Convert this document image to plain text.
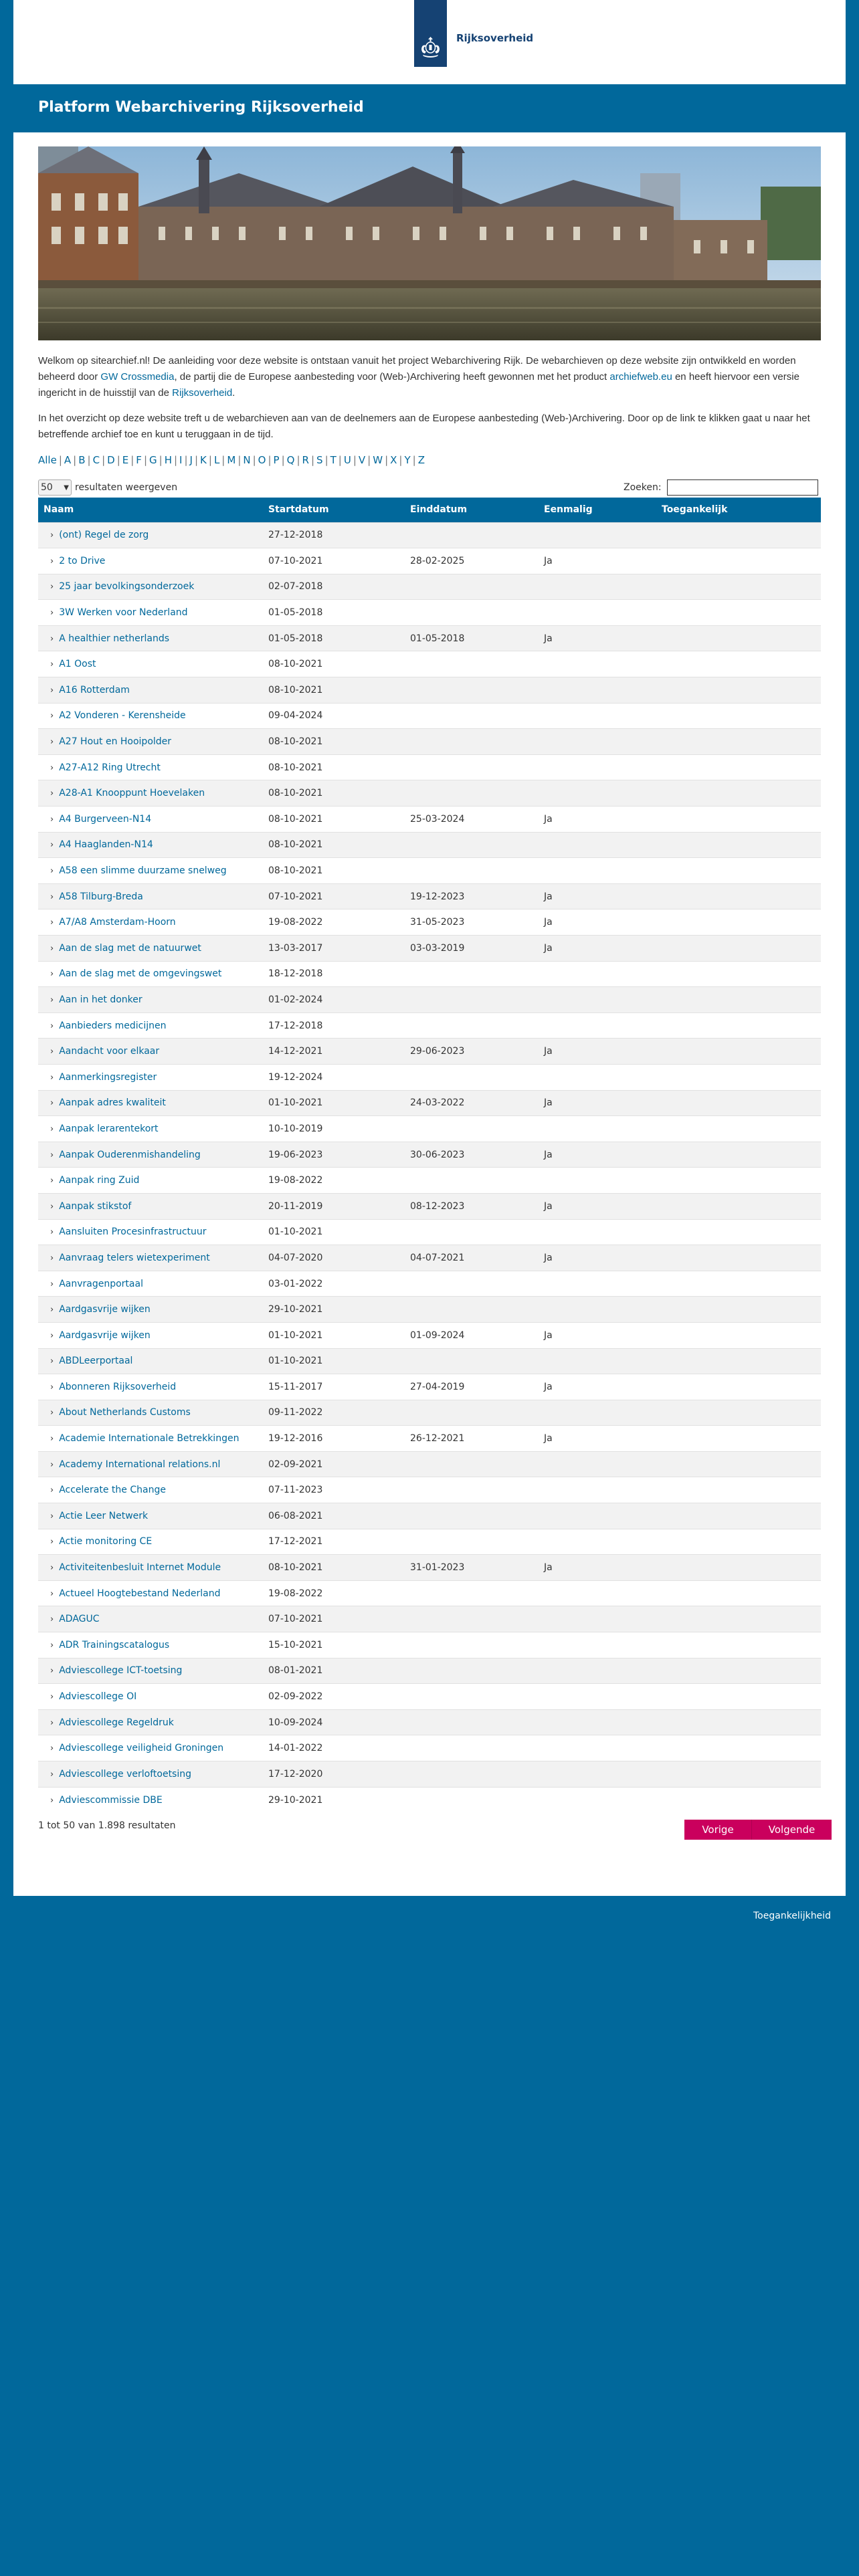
Rijksoverheid
Platform Webarchivering Rijksoverheid

Welkom op sitearchief.nl! De aanleiding voor deze website is ontstaan vanuit het project Webarchivering Rijk. De webarchieven op deze website zijn ontwikkeld en worden beheerd door GW Crossmedia, de partij die de Europese aanbesteding voor (Web-)Archivering heeft gewonnen met het product archiefweb.eu en heeft hiervoor een versie ingericht in de huisstijl van de Rijksoverheid.

In het overzicht op deze website treft u de webarchieven aan van de deelnemers aan de Europese aanbesteding (Web-)Archivering. Door op de link te klikken gaat u naar het betreffende archief toe en kunt u teruggaan in de tijd.

Alle | A | B | C | D | E | F | G | H | I | J | K | L | M | N | O | P | Q | R | S | T | U | V | W | X | Y | Z
50 ▼ resultaten weergeven	Zoeken:
Naam	Startdatum	Einddatum	Eenmalig	Toegankelijk
› (ont) Regel de zorg	27-12-2018			
› 2 to Drive	07-10-2021	28-02-2025	Ja	
› 25 jaar bevolkingsonderzoek	02-07-2018			
› 3W Werken voor Nederland	01-05-2018			
› A healthier netherlands	01-05-2018	01-05-2018	Ja	
› A1 Oost	08-10-2021			
› A16 Rotterdam	08-10-2021			
› A2 Vonderen - Kerensheide	09-04-2024			
› A27 Hout en Hooipolder	08-10-2021			
› A27-A12 Ring Utrecht	08-10-2021			
› A28-A1 Knooppunt Hoevelaken	08-10-2021			
› A4 Burgerveen-N14	08-10-2021	25-03-2024	Ja	
› A4 Haaglanden-N14	08-10-2021			
› A58 een slimme duurzame snelweg	08-10-2021			
› A58 Tilburg-Breda	07-10-2021	19-12-2023	Ja	
› A7/A8 Amsterdam-Hoorn	19-08-2022	31-05-2023	Ja	
› Aan de slag met de natuurwet	13-03-2017	03-03-2019	Ja	
› Aan de slag met de omgevingswet	18-12-2018			
› Aan in het donker	01-02-2024			
› Aanbieders medicijnen	17-12-2018			
› Aandacht voor elkaar	14-12-2021	29-06-2023	Ja	
› Aanmerkingsregister	19-12-2024			
› Aanpak adres kwaliteit	01-10-2021	24-03-2022	Ja	
› Aanpak lerarentekort	10-10-2019			
› Aanpak Ouderenmishandeling	19-06-2023	30-06-2023	Ja	
› Aanpak ring Zuid	19-08-2022			
› Aanpak stikstof	20-11-2019	08-12-2023	Ja	
› Aansluiten Procesinfrastructuur	01-10-2021			
› Aanvraag telers wietexperiment	04-07-2020	04-07-2021	Ja	
› Aanvragenportaal	03-01-2022			
› Aardgasvrije wijken	29-10-2021			
› Aardgasvrije wijken	01-10-2021	01-09-2024	Ja	
› ABDLeerportaal	01-10-2021			
› Abonneren Rijksoverheid	15-11-2017	27-04-2019	Ja	
› About Netherlands Customs	09-11-2022			
› Academie Internationale Betrekkingen	19-12-2016	26-12-2021	Ja	
› Academy International relations.nl	02-09-2021			
› Accelerate the Change	07-11-2023			
› Actie Leer Netwerk	06-08-2021			
› Actie monitoring CE	17-12-2021			
› Activiteitenbesluit Internet Module	08-10-2021	31-01-2023	Ja	
› Actueel Hoogtebestand Nederland	19-08-2022			
› ADAGUC	07-10-2021			
› ADR Trainingscatalogus	15-10-2021			
› Adviescollege ICT-toetsing	08-01-2021			
› Adviescollege OI	02-09-2022			
› Adviescollege Regeldruk	10-09-2024			
› Adviescollege veiligheid Groningen	14-01-2022			
› Adviescollege verloftoetsing	17-12-2020			
› Adviescommissie DBE	29-10-2021			
1 tot 50 van 1.898 resultaten	Vorige	Volgende
Toegankelijkheid
